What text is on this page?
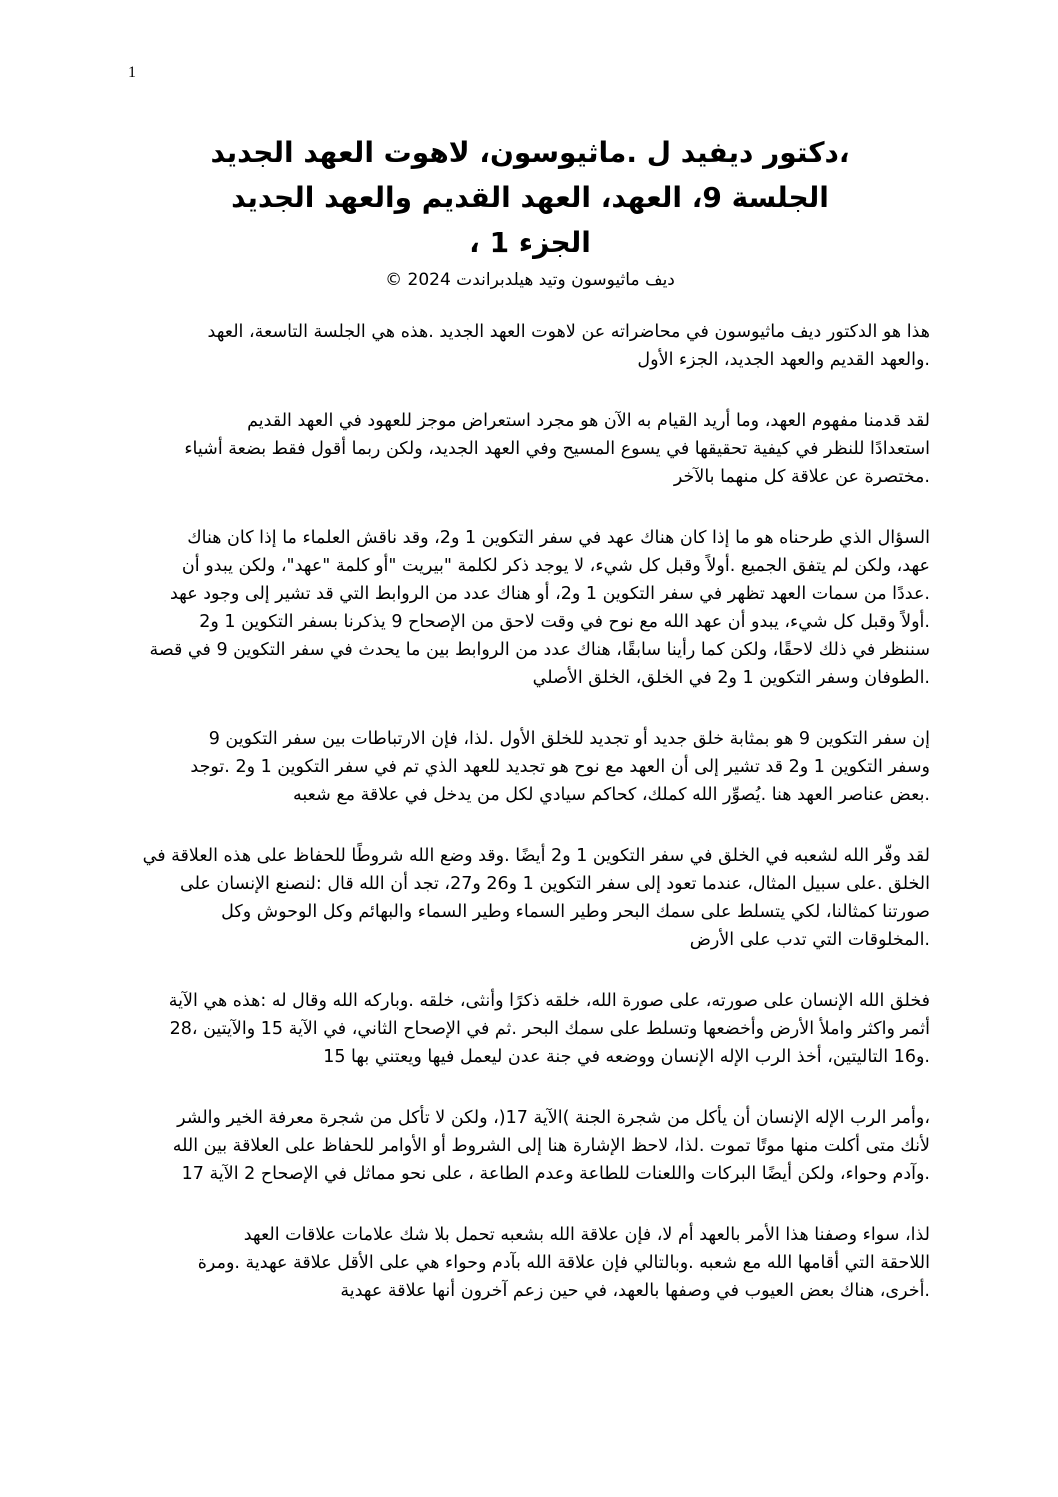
1
،دكتور ديفيد ل .ماثيوسون، لاهوت العهد الجديد
الجلسة 9، العهد، العهد القديم والعهد الجديد
الجزء 1 ،
ديف ماثيوسون وتيد هيلدبراندت 2024 ©
هذا هو الدكتور ديف ماثيوسون في محاضراته عن لاهوت العهد الجديد .هذه هي الجلسة التاسعة، العهد
.والعهد القديم والعهد الجديد، الجزء الأول
لقد قدمنا مفهوم العهد، وما أريد القيام به الآن هو مجرد استعراض موجز للعهود في العهد القديم
استعدادًا للنظر في كيفية تحقيقها في يسوع المسيح وفي العهد الجديد، ولكن ربما أقول فقط بضعة أشياء
.مختصرة عن علاقة كل منهما بالآخر
السؤال الذي طرحناه هو ما إذا كان هناك عهد في سفر التكوين 1 و2، وقد ناقش العلماء ما إذا كان هناك
عهد، ولكن لم يتفق الجميع .أولاً وقبل كل شيء، لا يوجد ذكر لكلمة "بيريت "أو كلمة "عهد"، ولكن يبدو أن
.عددًا من سمات العهد تظهر في سفر التكوين 1 و2، أو هناك عدد من الروابط التي قد تشير إلى وجود عهد
.أولاً وقبل كل شيء، يبدو أن عهد الله مع نوح في وقت لاحق من الإصحاح 9 يذكرنا بسفر التكوين 1 و2
سننظر في ذلك لاحقًا، ولكن كما رأينا سابقًا، هناك عدد من الروابط بين ما يحدث في سفر التكوين 9 في قصة
.الطوفان وسفر التكوين 1 و2 في الخلق، الخلق الأصلي
إن سفر التكوين 9 هو بمثابة خلق جديد أو تجديد للخلق الأول .لذا، فإن الارتباطات بين سفر التكوين 9
وسفر التكوين 1 و2 قد تشير إلى أن العهد مع نوح هو تجديد للعهد الذي تم في سفر التكوين 1 و2 .توجد
.بعض عناصر العهد هنا .يُصوِّر الله كملك، كحاكم سيادي لكل من يدخل في علاقة مع شعبه
لقد وفّر الله لشعبه في الخلق في سفر التكوين 1 و2 أيضًا .وقد وضع الله شروطًا للحفاظ على هذه العلاقة في
الخلق .على سبيل المثال، عندما تعود إلى سفر التكوين 1 و26 و27، تجد أن الله قال :لنصنع الإنسان على
صورتنا كمثالنا، لكي يتسلط على سمك البحر وطير السماء وطير السماء والبهائم وكل الوحوش وكل
.المخلوقات التي تدب على الأرض
فخلق الله الإنسان على صورته، على صورة الله، خلقه ذكرًا وأنثى، خلقه .وباركه الله وقال له :هذه هي الآية
أثمر واكثر واملأ الأرض وأخضعها وتسلط على سمك البحر .ثم في الإصحاح الثاني، في الآية 15 والآيتين ،28
.و16 التاليتين، أخذ الرب الإله الإنسان ووضعه في جنة عدن ليعمل فيها ويعتني بها 15
،وأمر الرب الإله الإنسان أن يأكل من شجرة الجنة )الآية 17(، ولكن لا تأكل من شجرة معرفة الخير والشر
لأنك متى أكلت منها موتًا تموت .لذا، لاحظ الإشارة هنا إلى الشروط أو الأوامر للحفاظ على العلاقة بين الله
.وآدم وحواء، ولكن أيضًا البركات واللعنات للطاعة وعدم الطاعة ، على نحو مماثل في الإصحاح 2 الآية 17
لذا، سواء وصفنا هذا الأمر بالعهد أم لا، فإن علاقة الله بشعبه تحمل بلا شك علامات علاقات العهد
اللاحقة التي أقامها الله مع شعبه .وبالتالي فإن علاقة الله بآدم وحواء هي على الأقل علاقة عهدية .ومرة
.أخرى، هناك بعض العيوب في وصفها بالعهد، في حين زعم آخرون أنها علاقة عهدية
